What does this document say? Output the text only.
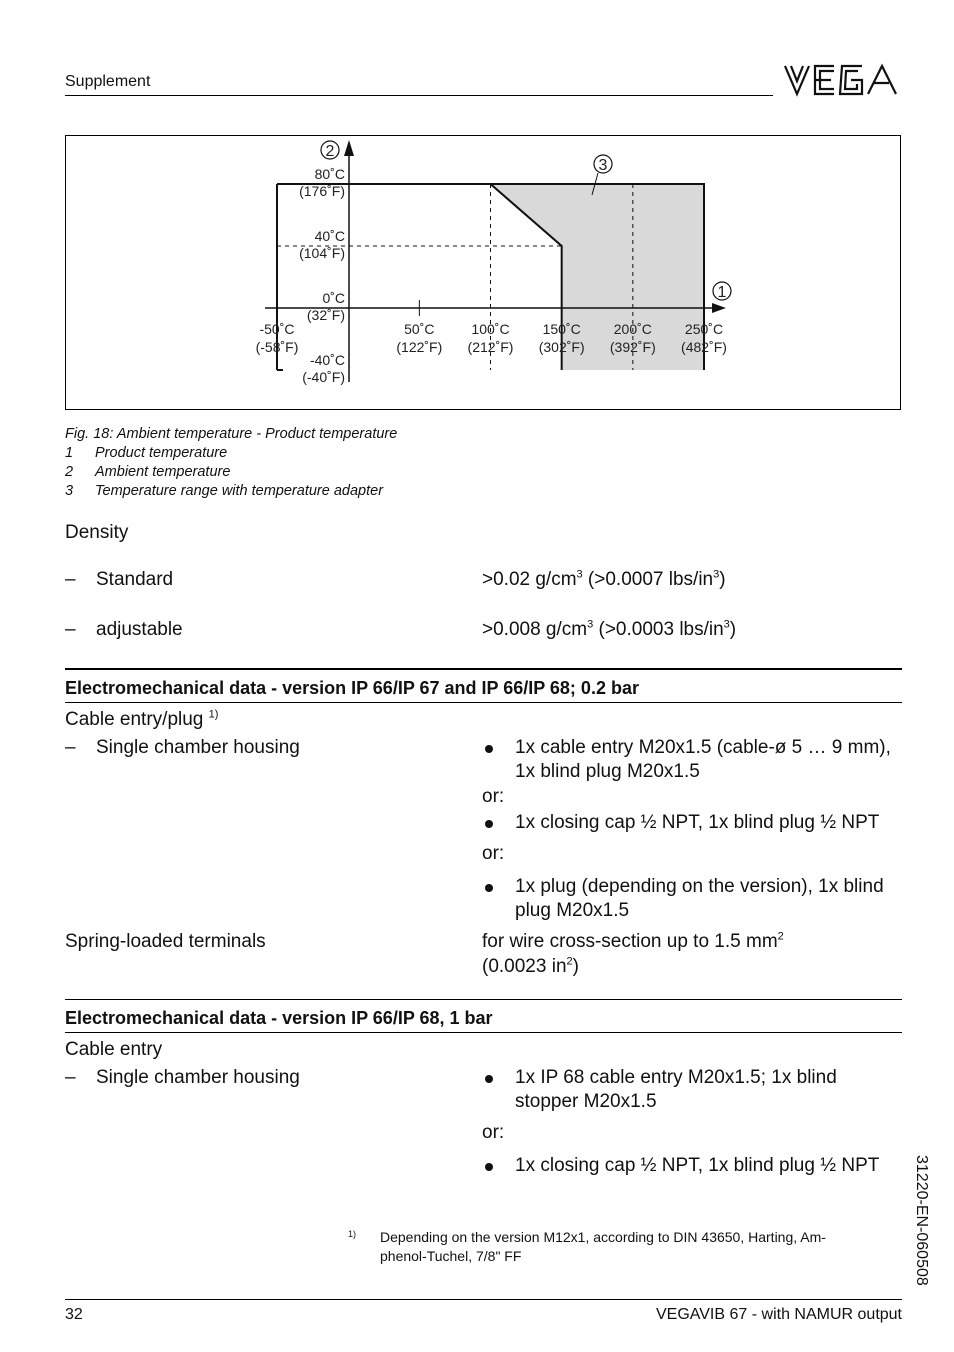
Supplement
VEGA
-50˚C
(-58˚F)
50˚C
(122˚F)
100˚C
(212˚F)
150˚C
(302˚F)
200˚C
(392˚F)
250˚C
(482˚F)
80˚C
(176˚F)
40˚C
(104˚F)
0˚C
(32˚F)
-40˚C
(-40˚F)
2
3
1
Fig. 18: Ambient temperature - Product temperature
1 Product temperature
2 Ambient temperature
3 Temperature range with temperature adapter
Density
– Standard	>0.02 $g/cm^3$ (>0.0007 lbs/$in^3$)
– adjustable	>0.008 $g/cm^3$ (>0.0003 lbs/$in^3$)
Electromechanical data - version IP 66/IP 67 and IP 66/IP 68; 0.2 bar
Cable entry/plug $^{1)}$
– Single chamber housing	1x cable entry M20x1.5 (cable-ø 5 … 9 mm),
1x blind plug M20x1.5
or:
1x closing cap ½ NPT, 1x blind plug ½ NPT
or:
1x plug (depending on the version), 1x blind
plug M20x1.5
Spring-loaded terminals	for wire cross-section up to 1.5 $mm^2$
(0.0023 $in^2$)
Electromechanical data - version IP 66/IP 68, 1 bar
Cable entry
– Single chamber housing	1x IP 68 cable entry M20x1.5; 1x blind
stopper M20x1.5
or:
1x closing cap ½ NPT, 1x blind plug ½ NPT 31220-EN-060508
1) Depending on the version M12x1, according to DIN 43650, Harting, Am-
phenol-Tuchel, 7/8" FF
32	VEGAVIB 67 - with NAMUR output
